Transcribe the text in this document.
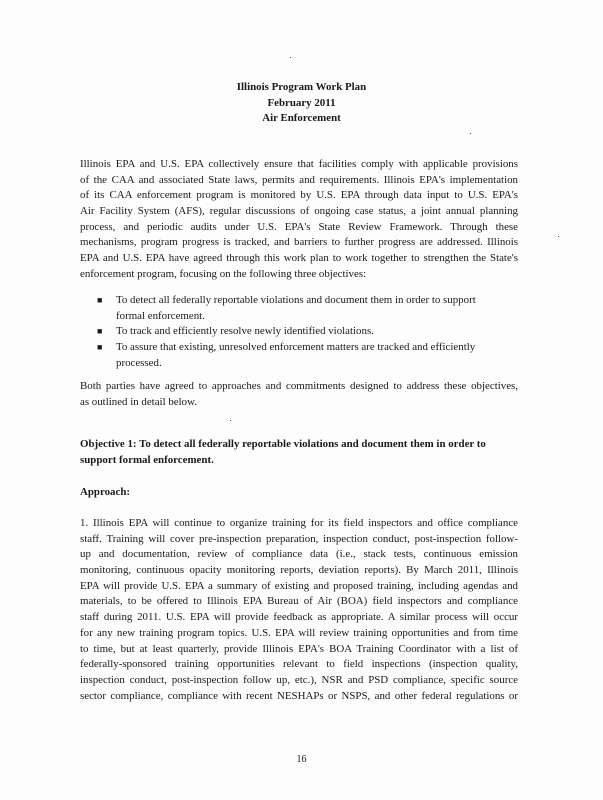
Illinois Program Work Plan
February 2011
Air Enforcement
Illinois EPA and U.S. EPA collectively ensure that facilities comply with applicable provisions
of the CAA and associated State laws, permits and requirements. Illinois EPA's implementation
of its CAA enforcement program is monitored by U.S. EPA through data input to U.S. EPA's
Air Facility System (AFS), regular discussions of ongoing case status, a joint annual planning
process, and periodic audits under U.S. EPA's State Review Framework. Through these
mechanisms, program progress is tracked, and barriers to further progress are addressed. Illinois
EPA and U.S. EPA have agreed through this work plan to work together to strengthen the State's
enforcement program, focusing on the following three objectives:
■ To detect all federally reportable violations and document them in order to support
formal enforcement.
■ To track and efficiently resolve newly identified violations.
■ To assure that existing, unresolved enforcement matters are tracked and efficiently
processed.
Both parties have agreed to approaches and commitments designed to address these objectives,
as outlined in detail below.
Objective 1: To detect all federally reportable violations and document them in order to
support formal enforcement.
Approach:
1. Illinois EPA will continue to organize training for its field inspectors and office compliance
staff. Training will cover pre-inspection preparation, inspection conduct, post-inspection follow-
up and documentation, review of compliance data (i.e., stack tests, continuous emission
monitoring, continuous opacity monitoring reports, deviation reports). By March 2011, Illinois
EPA will provide U.S. EPA a summary of existing and proposed training, including agendas and
materials, to be offered to Illinois EPA Bureau of Air (BOA) field inspectors and compliance
staff during 2011. U.S. EPA will provide feedback as appropriate. A similar process will occur
for any new training program topics. U.S. EPA will review training opportunities and from time
to time, but at least quarterly, provide Illinois EPA's BOA Training Coordinator with a list of
federally-sponsored training opportunities relevant to field inspections (inspection quality,
inspection conduct, post-inspection follow up, etc.), NSR and PSD compliance, specific source
sector compliance, compliance with recent NESHAPs or NSPS, and other federal regulations or
16
